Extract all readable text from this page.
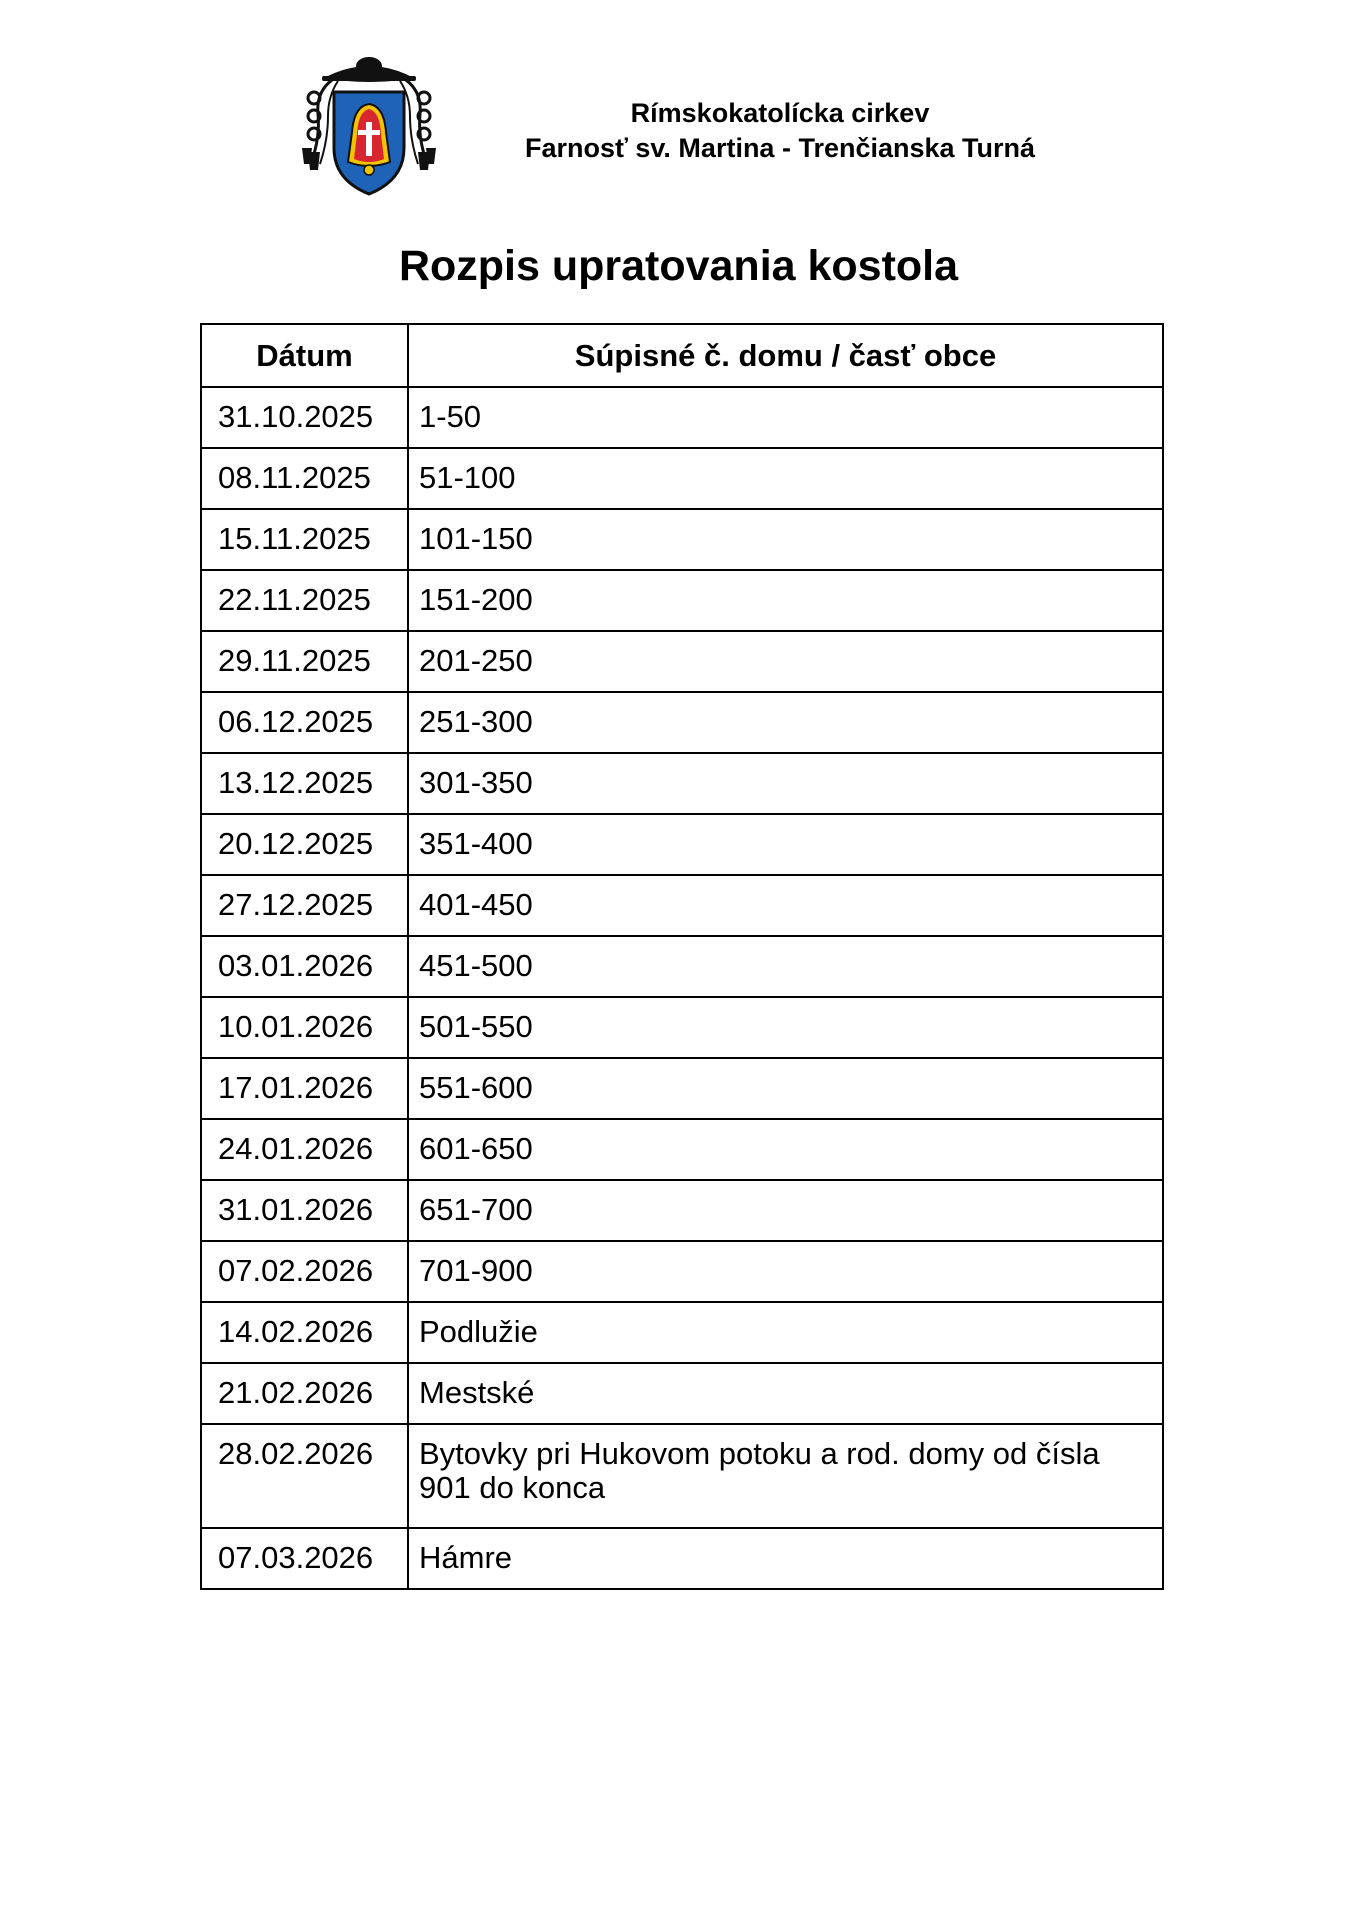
Rímskokatolícka cirkev
Farnosť sv. Martina - Trenčianska Turná
Rozpis upratovania kostola
Dátum	Súpisné č. domu / časť obce
31.10.2025	1-50
08.11.2025	51-100
15.11.2025	101-150
22.11.2025	151-200
29.11.2025	201-250
06.12.2025	251-300
13.12.2025	301-350
20.12.2025	351-400
27.12.2025	401-450
03.01.2026	451-500
10.01.2026	501-550
17.01.2026	551-600
24.01.2026	601-650
31.01.2026	651-700
07.02.2026	701-900
14.02.2026	Podlužie
21.02.2026	Mestské
28.02.2026	Bytovky pri Hukovom potoku a rod. domy od čísla 901 do konca
07.03.2026	Hámre
